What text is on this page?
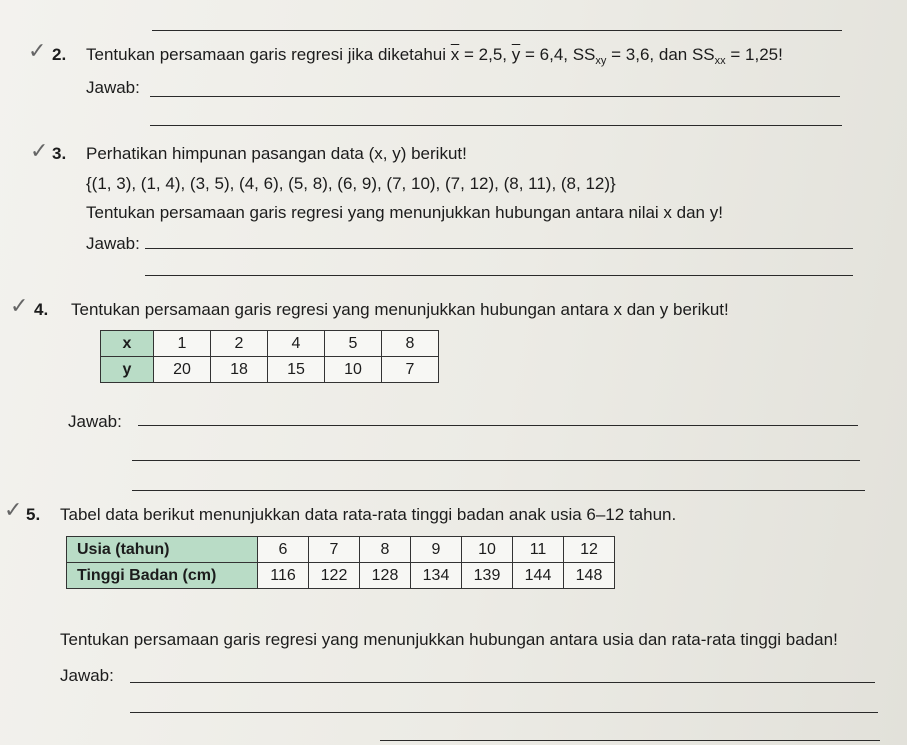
✓ 2. Tentukan persamaan garis regresi jika diketahui $\overline{x} = 2,5$, $\overline{y} = 6,4$, $SS_{xy} = 3,6$, dan $SS_{xx} = 1,25$!
Jawab:
✓ 3. Perhatikan himpunan pasangan data (x, y) berikut!
{(1, 3), (1, 4), (3, 5), (4, 6), (5, 8), (6, 9), (7, 10), (7, 12), (8, 11), (8, 12)}
Tentukan persamaan garis regresi yang menunjukkan hubungan antara nilai x dan y!
Jawab:
✓ 4. Tentukan persamaan garis regresi yang menunjukkan hubungan antara x dan y berikut!
x	1	2	4	5	8
y	20	18	15	10	7
Jawab:
✓ 5. Tabel data berikut menunjukkan data rata-rata tinggi badan anak usia 6–12 tahun.
Usia (tahun)	6	7	8	9	10	11	12
Tinggi Badan (cm)	116	122	128	134	139	144	148
Tentukan persamaan garis regresi yang menunjukkan hubungan antara usia dan rata-rata tinggi badan!
Jawab:
